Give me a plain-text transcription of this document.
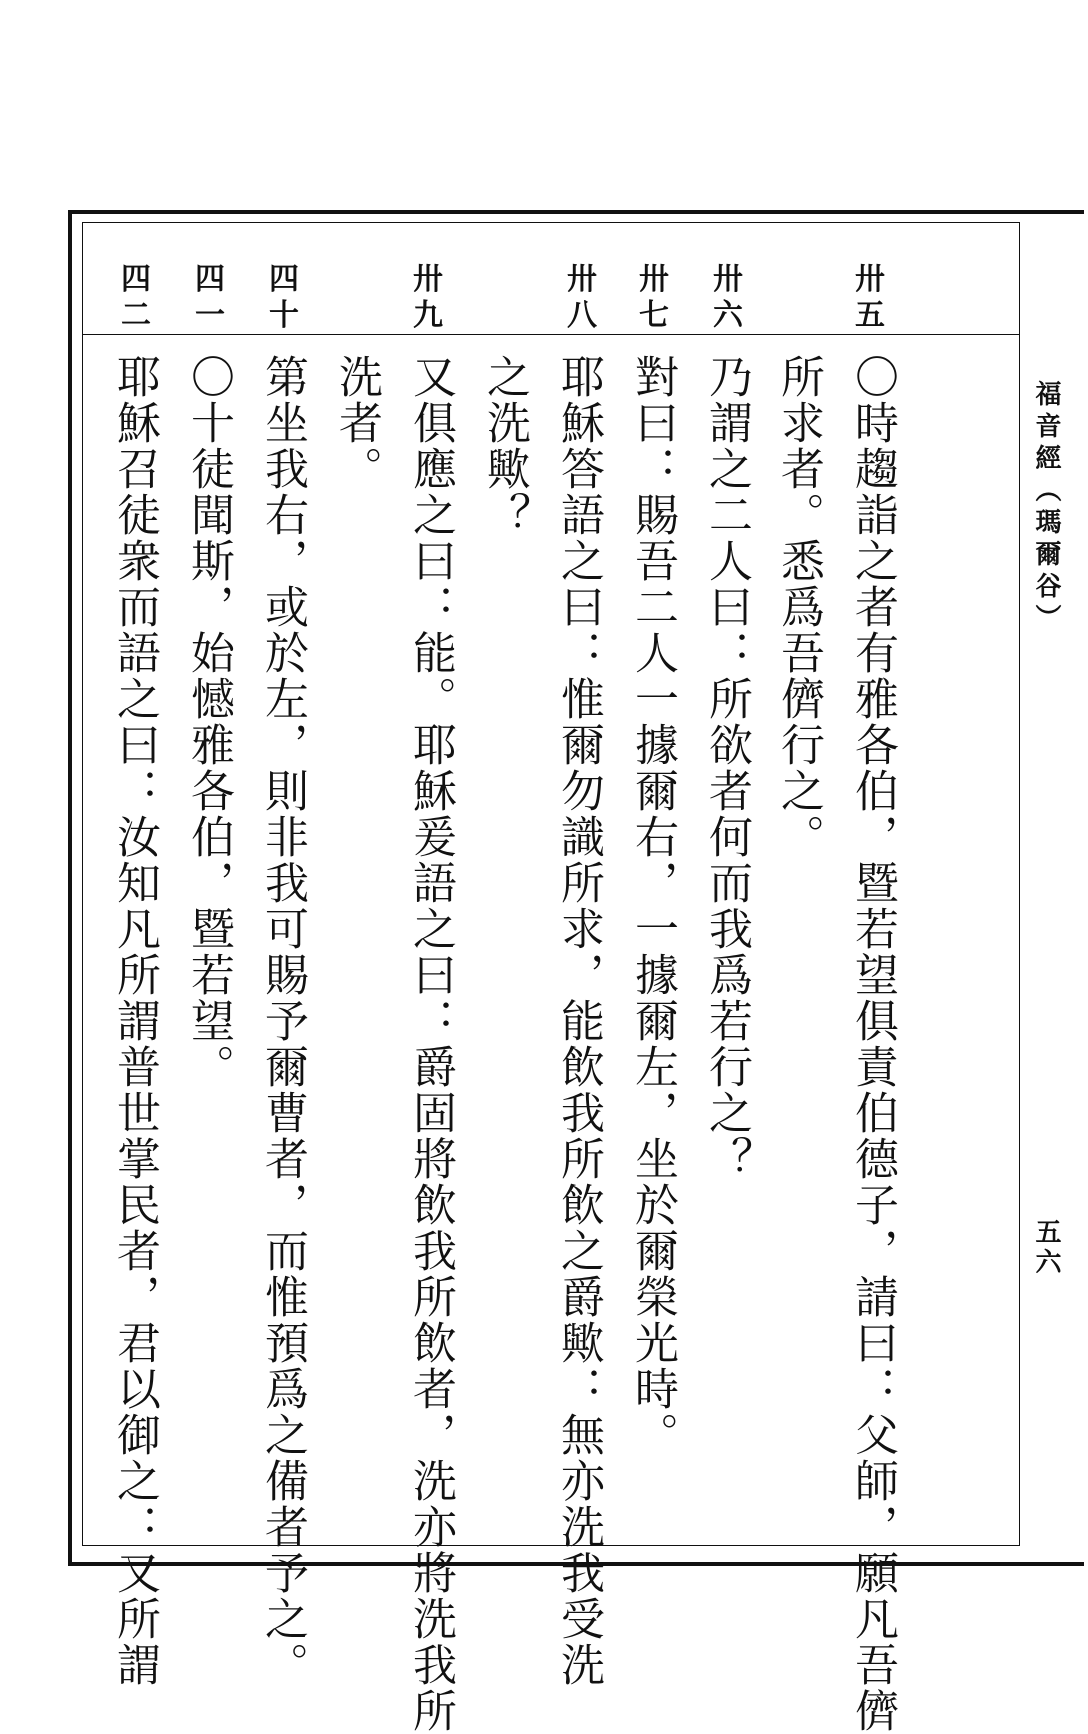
卅
五
卅
六
卅
七
卅
八
卅
九
四
十
四
一
四
二
〇時趨詣之者有雅各伯，暨若望俱責伯德子，請曰：父師，願凡吾儕
所求者。悉爲吾儕行之。
乃謂之二人曰：所欲者何而我爲若行之？
對曰：賜吾二人一據爾右，一據爾左，坐於爾榮光時。
耶穌答語之曰：惟爾勿識所求，能飲我所飲之爵歟：無亦洗我受洗
之洗歟？
又俱應之曰：能。耶穌爰語之曰：爵固將飲我所飲者，洗亦將洗我所
洗者。
第坐我右，或於左，則非我可賜予爾曹者，而惟預爲之備者予之。
〇十徒聞斯，始憾雅各伯，暨若望。
耶穌召徒衆而語之曰：汝知凡所謂普世掌民者，君以御之：又所謂	福音經（瑪爾谷）
五六
